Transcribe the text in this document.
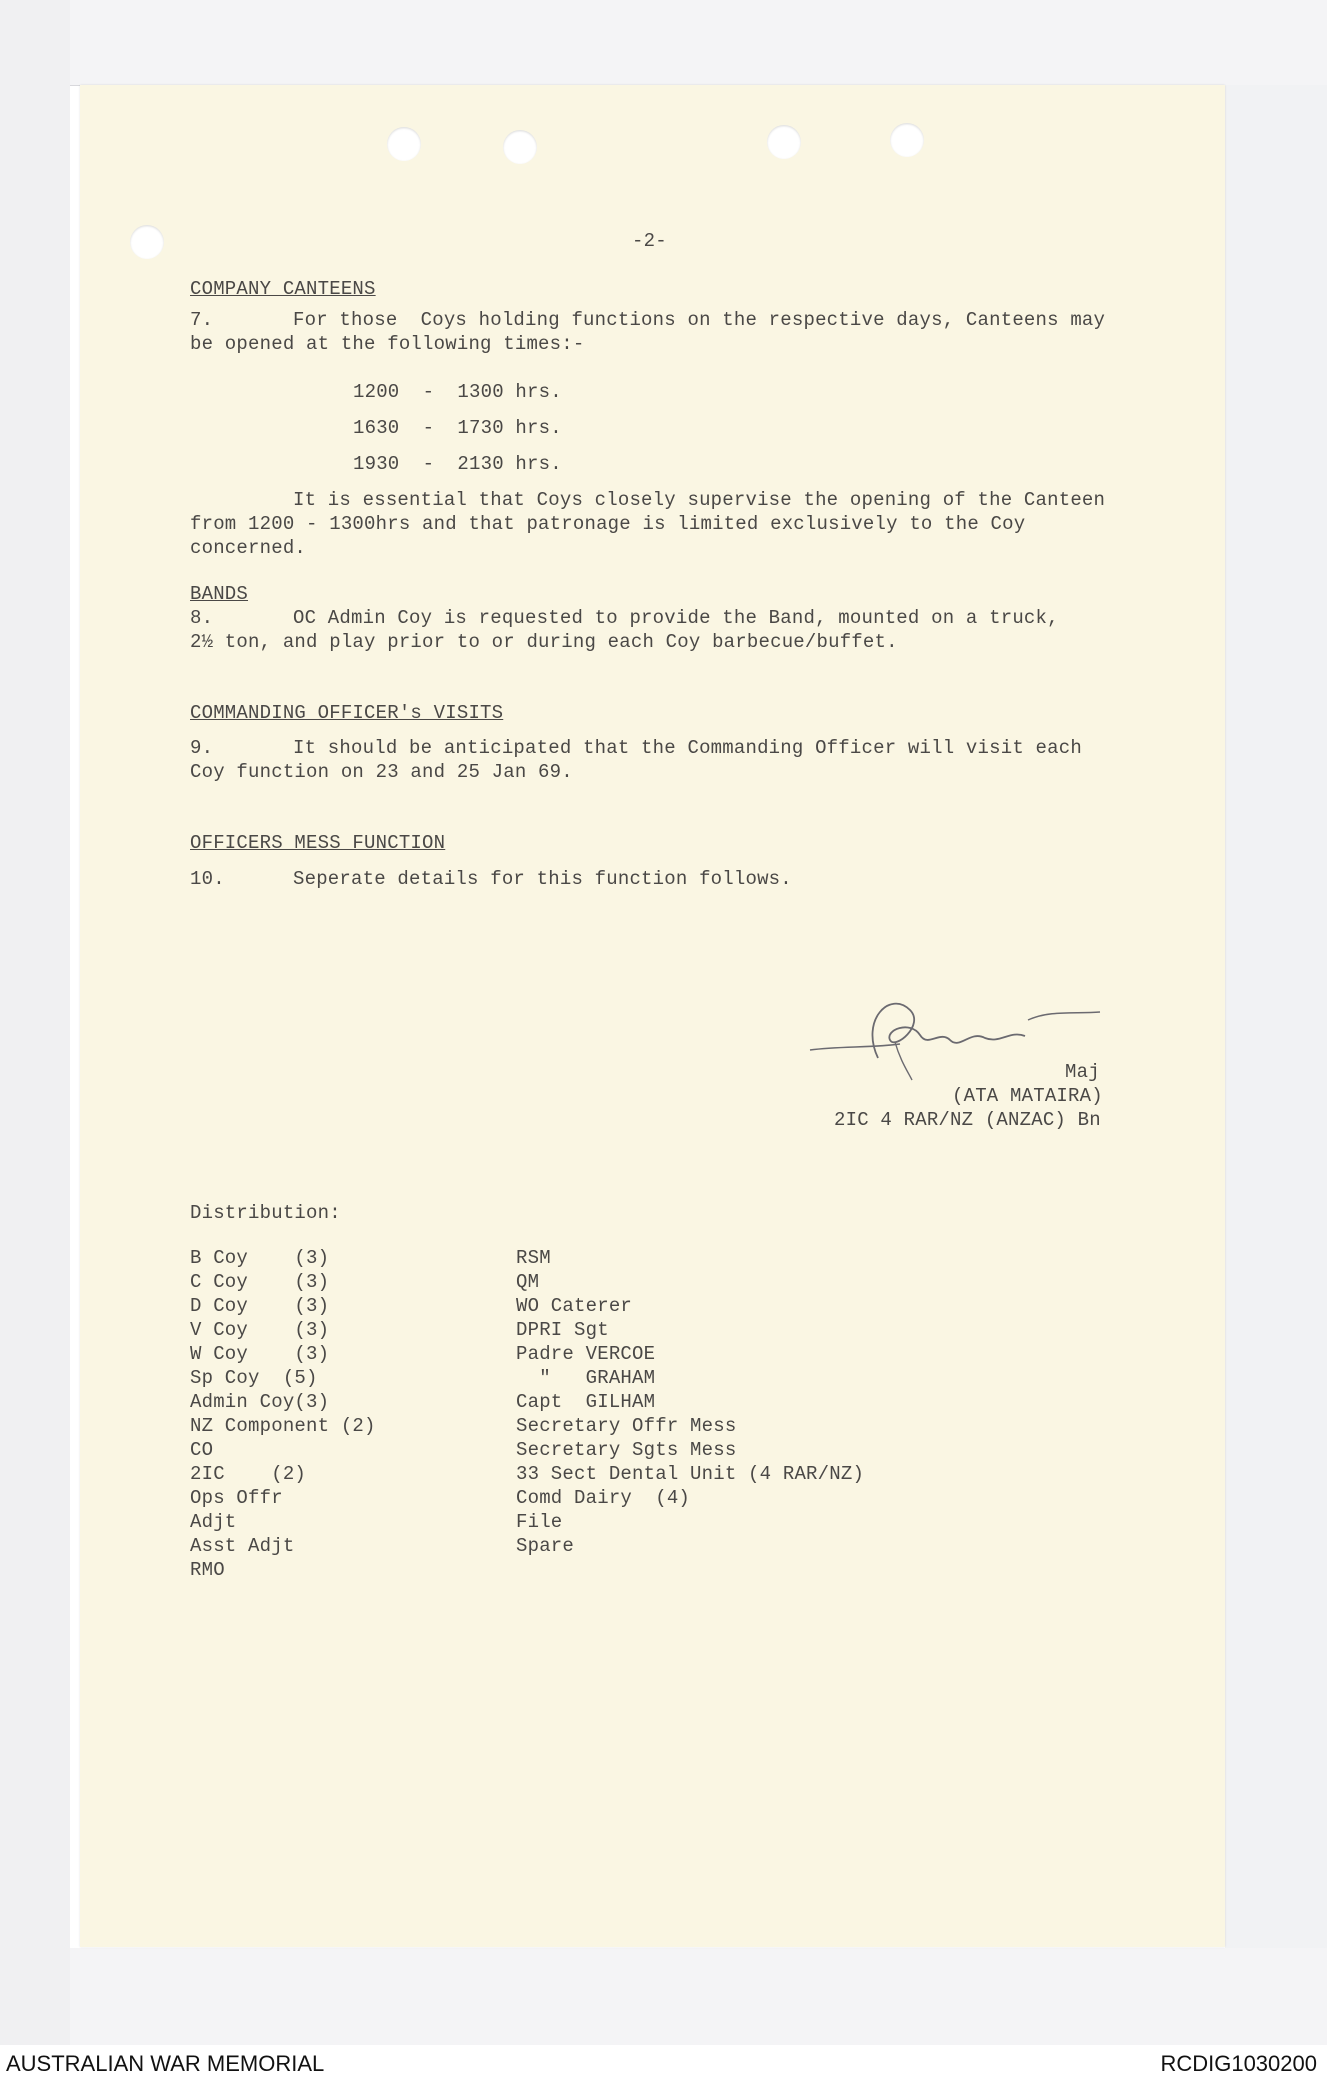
-2-
COMPANY CANTEENS
7.	For those  Coys holding functions on the respective days, Canteens may
be opened at the following times:-
1200  -  1300 hrs.
1630  -  1730 hrs.
1930  -  2130 hrs.
It is essential that Coys closely supervise the opening of the Canteen
from 1200 - 1300hrs and that patronage is limited exclusively to the Coy
concerned.
BANDS
8.	OC Admin Coy is requested to provide the Band, mounted on a truck,
2½ ton, and play prior to or during each Coy barbecue/buffet.
COMMANDING OFFICER's VISITS
9.	It should be anticipated that the Commanding Officer will visit each
Coy function on 23 and 25 Jan 69.
OFFICERS MESS FUNCTION
10.	Seperate details for this function follows.
Maj
(ATA MATAIRA)
2IC 4 RAR/NZ (ANZAC) Bn
Distribution:
B Coy    (3)
C Coy    (3)
D Coy    (3)
V Coy    (3)
W Coy    (3)
Sp Coy  (5)
Admin Coy(3)
NZ Component (2)
CO
2IC    (2)
Ops Offr
Adjt
Asst Adjt
RMO
RSM
QM
WO Caterer
DPRI Sgt
Padre VERCOE
"   GRAHAM
Capt  GILHAM
Secretary Offr Mess
Secretary Sgts Mess
33 Sect Dental Unit (4 RAR/NZ)
Comd Dairy  (4)
File
Spare
AUSTRALIAN WAR MEMORIAL	RCDIG1030200
